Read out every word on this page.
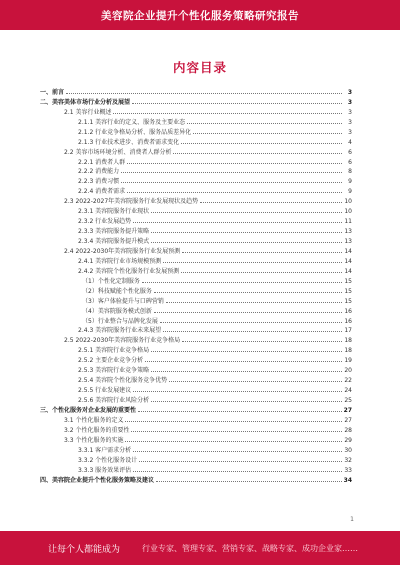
美容院企业提升个性化服务策略研究报告
内容目录
一、前言	3
二、美容美体市场行业分析及展望	3
2.1 美容行业概述	3
2.1.1 美容行业的定义、服务及主要业态	3
2.1.2 行业竞争格局分析、服务品质差异化	3
2.1.3 行业技术进步、消费者需求变化	4
2.2 美容市场环境分析、消费者人群分析	6
2.2.1 消费者人群	6
2.2.2 消费能力	8
2.2.3 消费习惯	9
2.2.4 消费者需求	9
2.3 2022-2027年美容院服务行业发展现状及趋势	10
2.3.1 美容院服务行业现状	10
2.3.2 行业发展趋势	11
2.3.3 美容院服务提升策略	13
2.3.4 美容院服务提升模式	13
2.4 2022-2030年美容院服务行业发展预测	14
2.4.1 美容院行业市场规模预测	14
2.4.2 美容院个性化服务行业发展预测	14
（1）个性化定制服务	15
（2）科技赋能个性化服务	15
（3）客户体验提升与口碑营销	15
（4）美容院服务模式创新	16
（5）行业整合与品牌化发展	16
2.4.3 美容院服务行业未来展望	17
2.5 2022-2030年美容院服务行业竞争格局	18
2.5.1 美容院行业竞争格局	18
2.5.2 主要企业竞争分析	19
2.5.3 美容院行业竞争策略	20
2.5.4 美容院个性化服务竞争优势	22
2.5.5 行业发展建议	24
2.5.6 美容院行业风险分析	25
三、个性化服务对企业发展的重要性	27
3.1 个性化服务的定义	27
3.2 个性化服务的重要性	28
3.3 个性化服务的实施	29
3.3.1 客户需求分析	30
3.3.2 个性化服务设计	32
3.3.3 服务效果评估	33
四、美容院企业提升个性化服务策略及建议	34
1
让每个人都能成为	行业专家、管理专家、营销专家、战略专家、成功企业家……
